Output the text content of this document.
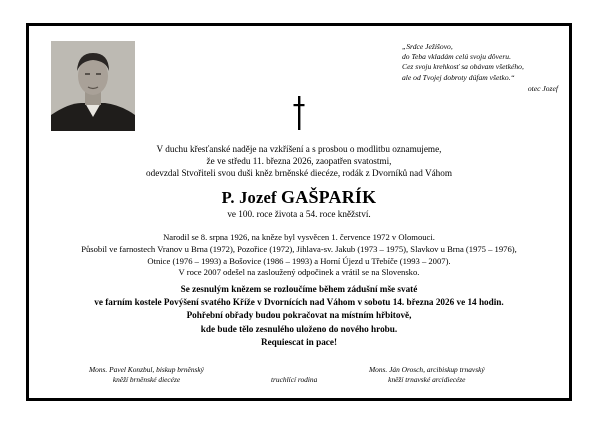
„Srdce Ježišovo,
do Teba vkladám celú svoju dôveru.
Cez svoju krehkosť sa obávam všetkého,
ale od Tvojej dobroty dúfam všetko.“
otec Jozef
V duchu křesťanské naděje na vzkříšení a s prosbou o modlitbu oznamujeme,
že ve středu 11. března 2026, zaopatřen svatostmi,
odevzdal Stvořiteli svou duši kněz brněnské diecéze, rodák z Dvorníků nad Váhom
P. Jozef GAŠPARÍK
ve 100. roce života a 54. roce kněžství.
Narodil se 8. srpna 1926, na kněze byl vysvěcen 1. července 1972 v Olomouci.
Působil ve farnostech Vranov u Brna (1972), Pozořice (1972), Jihlava-sv. Jakub (1973 – 1975), Slavkov u Brna (1975 – 1976),
Otnice (1976 – 1993) a Bošovice (1986 – 1993) a Horní Újezd u Třebíče (1993 – 2007).
V roce 2007 odešel na zasloužený odpočinek a vrátil se na Slovensko.
Se zesnulým knězem se rozloučíme během zádušní mše svaté
ve farním kostele Povýšení svatého Kříže v Dvornících nad Váhom v sobotu 14. března 2026 ve 14 hodin.
Pohřební obřady budou pokračovat na místním hřbitově,
kde bude tělo zesnulého uloženo do nového hrobu.
Requiescat in pace!
Mons. Pavel Konzbul, biskup brněnský
kněží brněnské diecéze
	truchlící rodina
Mons. Ján Orosch, arcibiskup trnavský
kněží trnavské arcidiecéze
